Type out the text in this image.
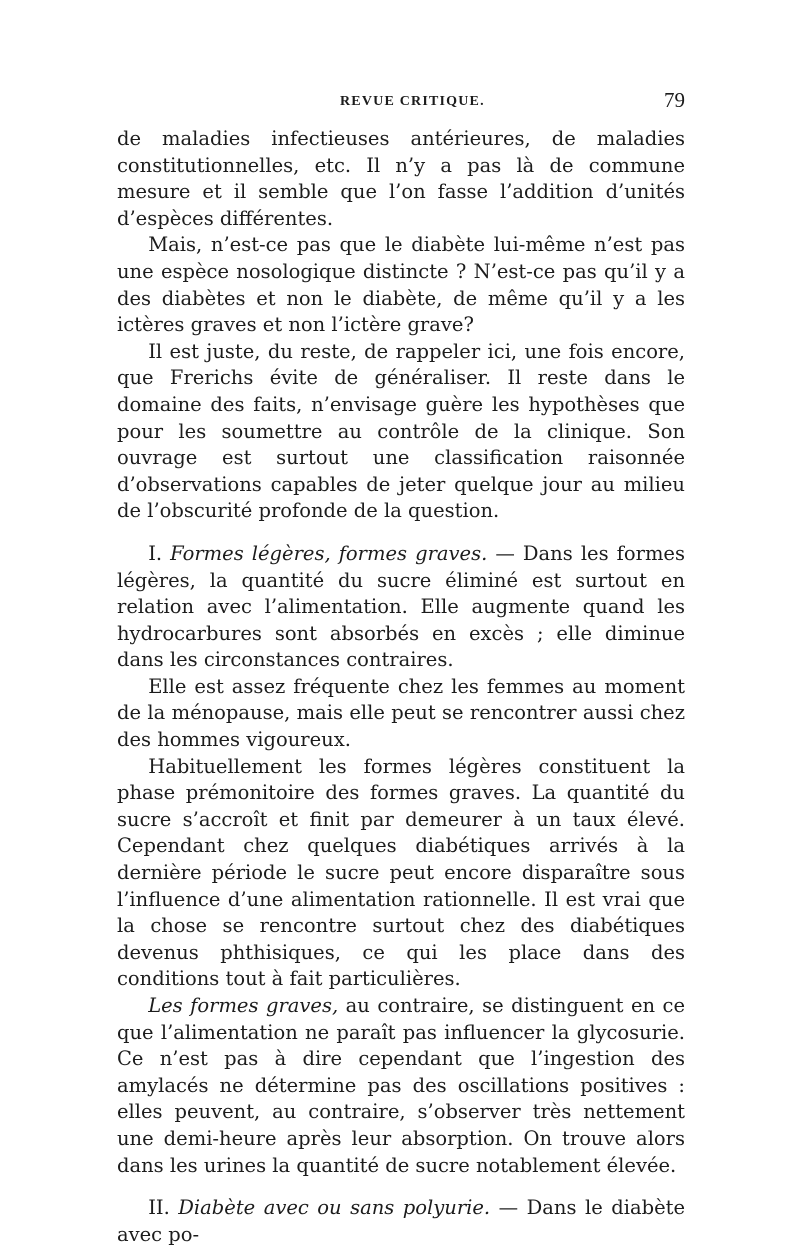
REVUE CRITIQUE.	79

de maladies infectieuses antérieures, de maladies constitutionnelles, etc. Il n’y a pas là de commune mesure et il semble que l’on fasse l’addition d’unités d’espèces différentes.

Mais, n’est-ce pas que le diabète lui-même n’est pas une espèce nosologique distincte ? N’est-ce pas qu’il y a des diabètes et non le diabète, de même qu’il y a les ictères graves et non l’ictère grave?

Il est juste, du reste, de rappeler ici, une fois encore, que Frerichs évite de généraliser. Il reste dans le domaine des faits, n’envisage guère les hypothèses que pour les soumettre au contrôle de la clinique. Son ouvrage est surtout une classification raisonnée d’observations capables de jeter quelque jour au milieu de l’obscurité profonde de la question.

I. Formes légères, formes graves. — Dans les formes légères, la quantité du sucre éliminé est surtout en relation avec l’alimentation. Elle augmente quand les hydrocarbures sont absorbés en excès ; elle diminue dans les circonstances contraires.

Elle est assez fréquente chez les femmes au moment de la ménopause, mais elle peut se rencontrer aussi chez des hommes vigoureux.

Habituellement les formes légères constituent la phase prémonitoire des formes graves. La quantité du sucre s’accroît et finit par demeurer à un taux élevé. Cependant chez quelques diabétiques arrivés à la dernière période le sucre peut encore disparaître sous l’influence d’une alimentation rationnelle. Il est vrai que la chose se rencontre surtout chez des diabétiques devenus phthisiques, ce qui les place dans des conditions tout à fait particulières.

Les formes graves, au contraire, se distinguent en ce que l’alimentation ne paraît pas influencer la glycosurie. Ce n’est pas à dire cependant que l’ingestion des amylacés ne détermine pas des oscillations positives : elles peuvent, au contraire, s’observer très nettement une demi-heure après leur absorption. On trouve alors dans les urines la quantité de sucre notablement élevée.

II. Diabète avec ou sans polyurie. — Dans le diabète avec po-
